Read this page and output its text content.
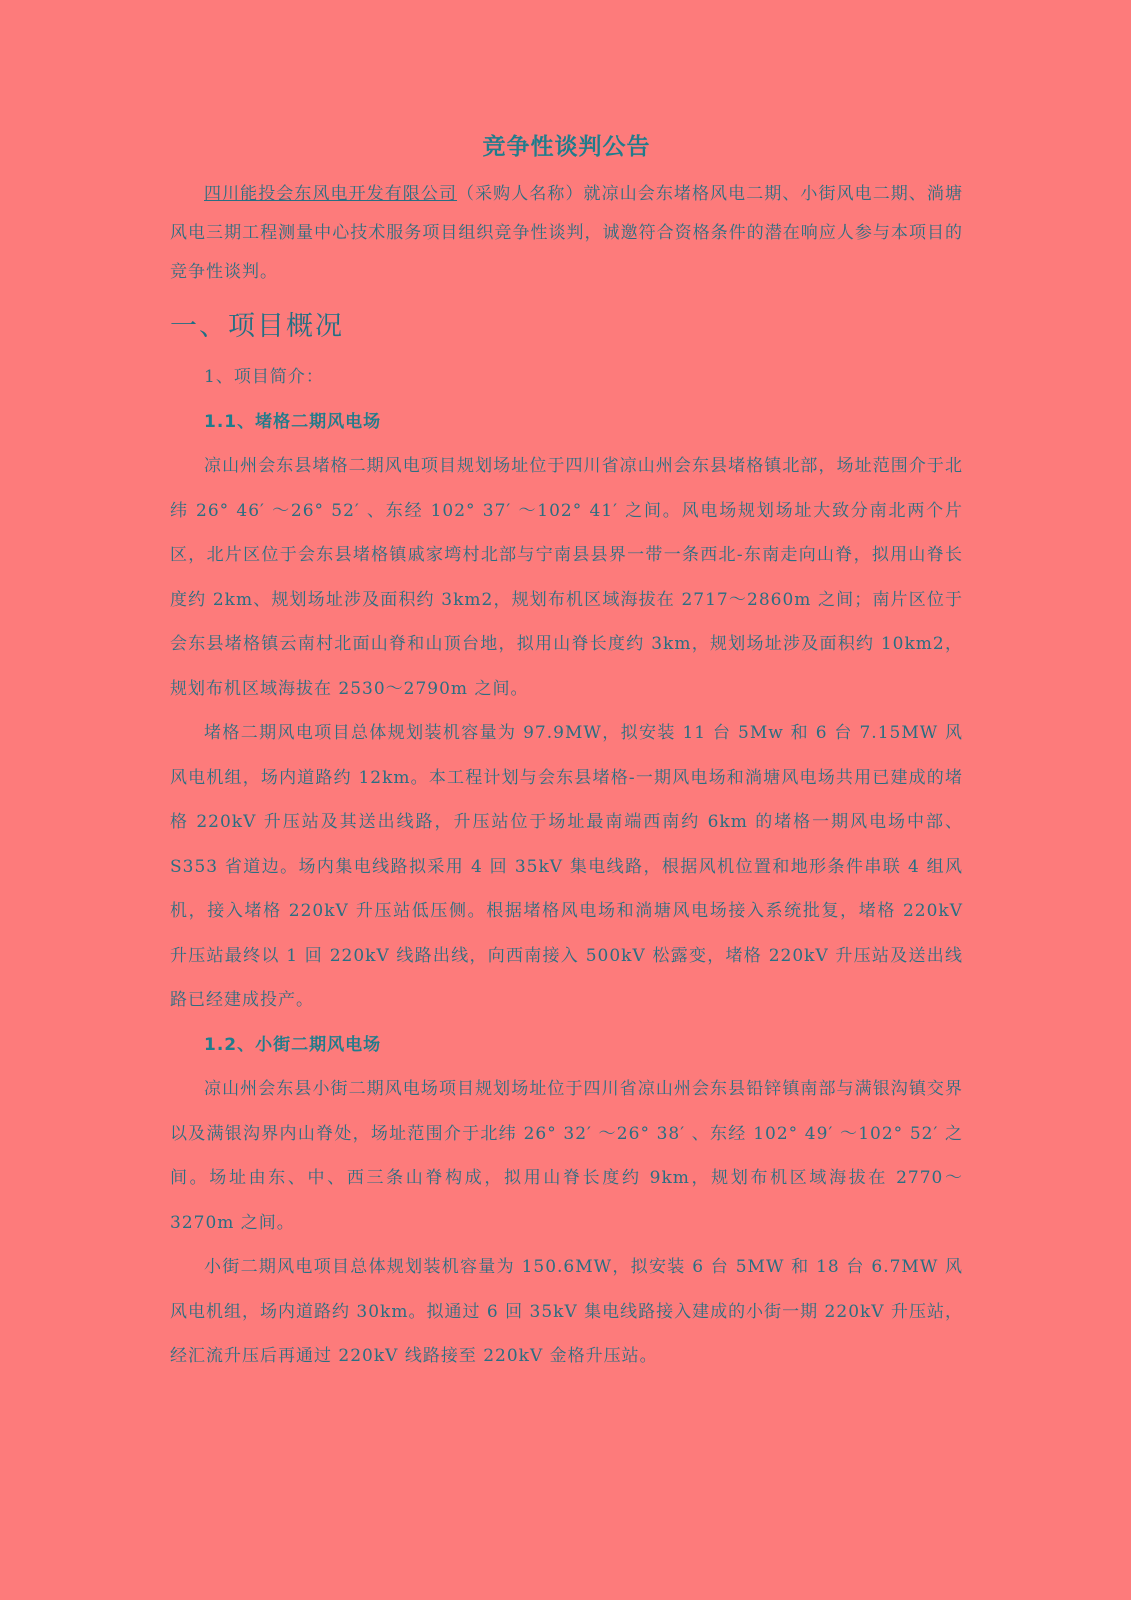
竞争性谈判公告

四川能投会东风电开发有限公司（采购人名称）就凉山会东堵格风电二期、小街风电二期、淌塘风电三期工程测量中心技术服务项目组织竞争性谈判，诚邀符合资格条件的潜在响应人参与本项目的竞争性谈判。

一、项目概况

1、项目简介：

1.1、堵格二期风电场

凉山州会东县堵格二期风电项目规划场址位于四川省凉山州会东县堵格镇北部，场址范围介于北纬 26° 46′ ～26° 52′ 、东经 102° 37′ ～102° 41′ 之间。风电场规划场址大致分南北两个片区，北片区位于会东县堵格镇戚家塆村北部与宁南县县界一带一条西北-东南走向山脊，拟用山脊长度约 2km、规划场址涉及面积约 3km2，规划布机区域海拔在 2717～2860m 之间；南片区位于会东县堵格镇云南村北面山脊和山顶台地，拟用山脊长度约 3km，规划场址涉及面积约 10km2，规划布机区域海拔在 2530～2790m 之间。

堵格二期风电项目总体规划装机容量为 97.9MW，拟安装 11 台 5Mw 和 6 台 7.15MW 风风电机组，场内道路约 12km。本工程计划与会东县堵格-一期风电场和淌塘风电场共用已建成的堵格 220kV 升压站及其送出线路，升压站位于场址最南端西南约 6km 的堵格一期风电场中部、S353 省道边。场内集电线路拟采用 4 回 35kV 集电线路，根据风机位置和地形条件串联 4 组风机，接入堵格 220kV 升压站低压侧。根据堵格风电场和淌塘风电场接入系统批复，堵格 220kV 升压站最终以 1 回 220kV 线路出线，向西南接入 500kV 松露变，堵格 220kV 升压站及送出线路已经建成投产。

1.2、小街二期风电场

凉山州会东县小街二期风电场项目规划场址位于四川省凉山州会东县铅锌镇南部与满银沟镇交界以及满银沟界内山脊处，场址范围介于北纬 26° 32′ ～26° 38′ 、东经 102° 49′ ～102° 52′ 之间。场址由东、中、西三条山脊构成，拟用山脊长度约 9km，规划布机区域海拔在 2770～3270m 之间。

小街二期风电项目总体规划装机容量为 150.6MW，拟安装 6 台 5MW 和 18 台 6.7MW 风风电机组，场内道路约 30km。拟通过 6 回 35kV 集电线路接入建成的小街一期 220kV 升压站，经汇流升压后再通过 220kV 线路接至 220kV 金格升压站。
